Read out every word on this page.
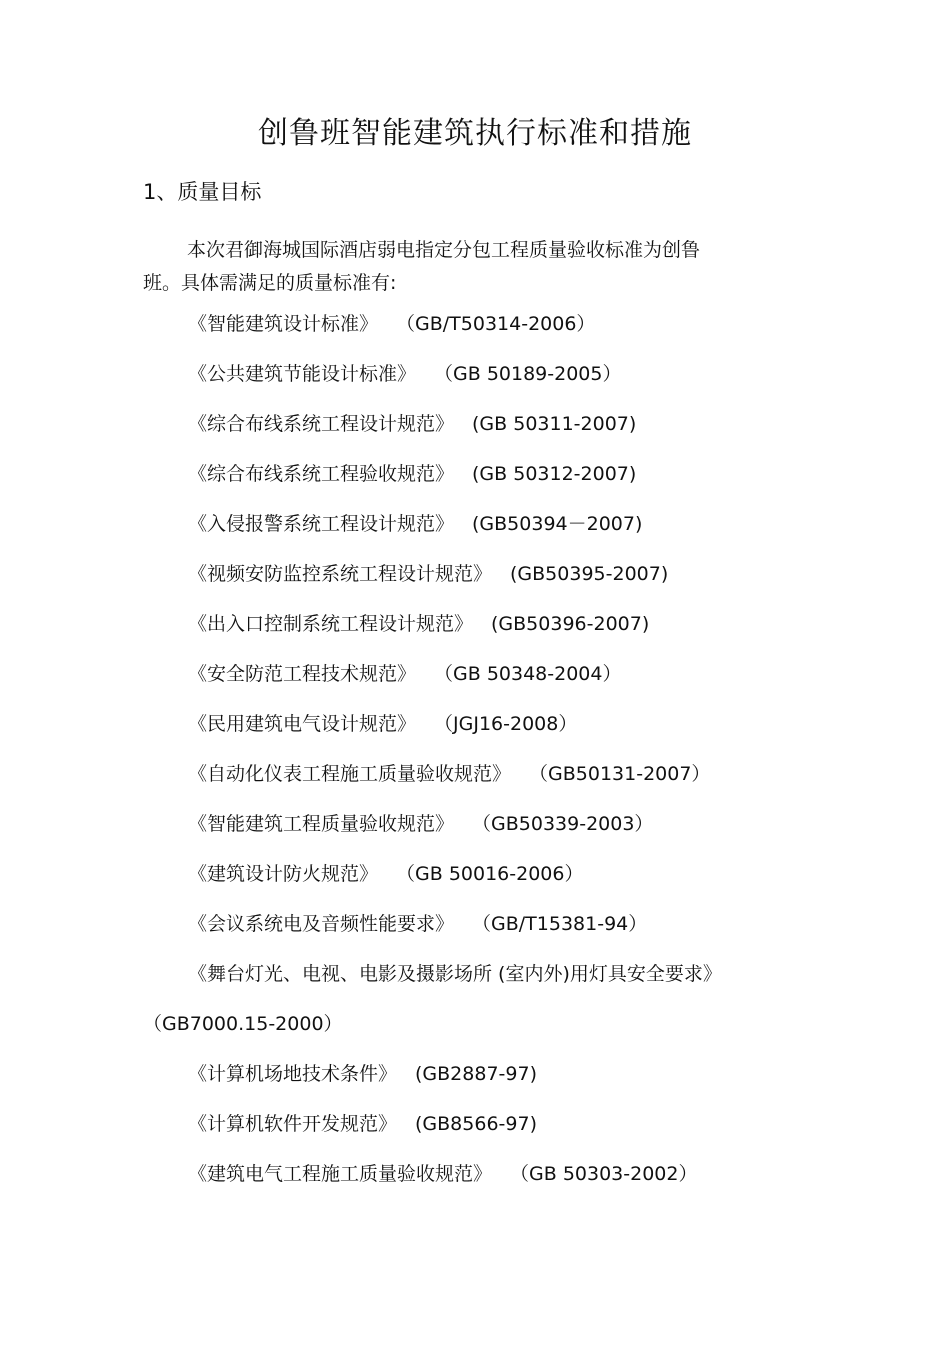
创鲁班智能建筑执行标准和措施
1、质量目标
本次君御海城国际酒店弱电指定分包工程质量验收标准为创鲁
班。具体需满足的质量标准有:
《智能建筑设计标准》 （GB/T50314-2006）
《公共建筑节能设计标准》 （GB 50189-2005）
《综合布线系统工程设计规范》 (GB 50311-2007)
《综合布线系统工程验收规范》 (GB 50312-2007)
《入侵报警系统工程设计规范》 (GB50394－2007)
《视频安防监控系统工程设计规范》 (GB50395-2007)
《出入口控制系统工程设计规范》 (GB50396-2007)
《安全防范工程技术规范》 （GB 50348-2004）
《民用建筑电气设计规范》 （JGJ16-2008）
《自动化仪表工程施工质量验收规范》 （GB50131-2007）
《智能建筑工程质量验收规范》 （GB50339-2003）
《建筑设计防火规范》 （GB 50016-2006）
《会议系统电及音频性能要求》 （GB/T15381-94）
《舞台灯光、电视、电影及摄影场所 (室内外)用灯具安全要求》
（GB7000.15-2000）
《计算机场地技术条件》 (GB2887-97)
《计算机软件开发规范》 (GB8566-97)
《建筑电气工程施工质量验收规范》 （GB 50303-2002）
